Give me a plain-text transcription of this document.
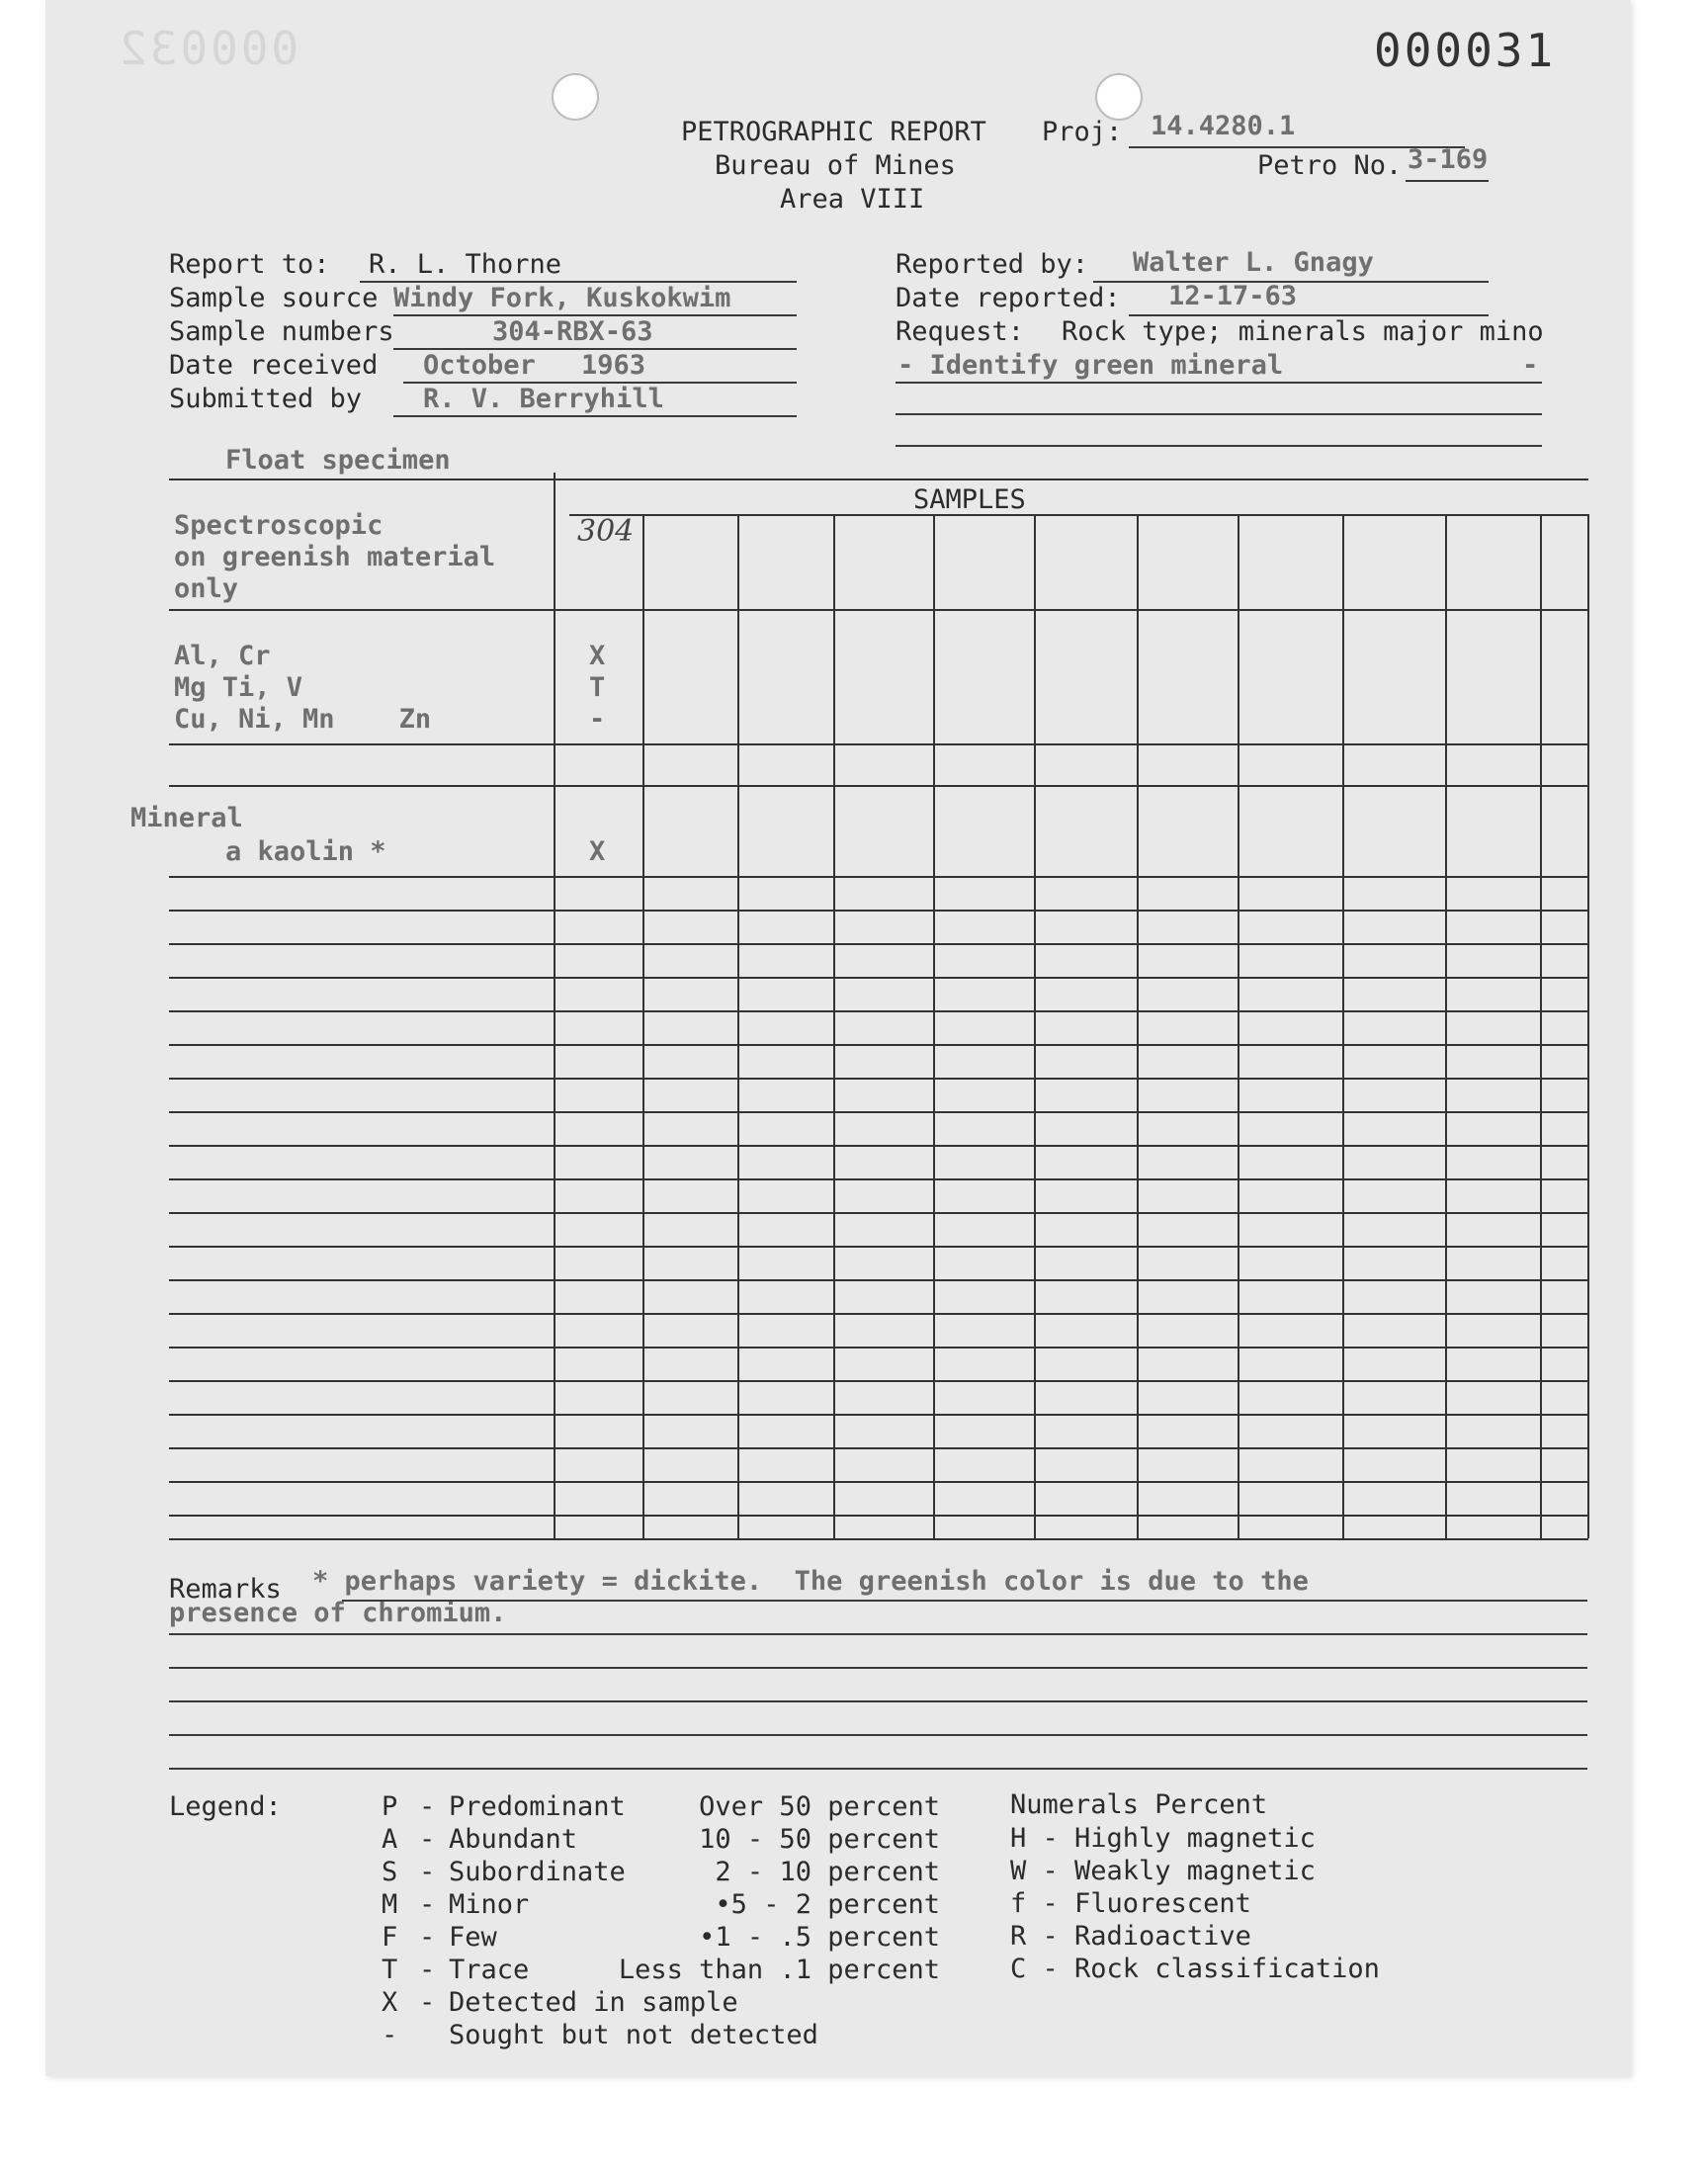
000032	000031
PETROGRAPHIC REPORT
Bureau of Mines
Area VIII
Proj: 14.4280.1
Petro No. 3-169
Report to: R. L. Thorne
Sample source Windy Fork, Kuskokwim
Sample numbers	304-RBX-63
Date received October 1963
Submitted by R. V. Berryhill
Reported by: Walter L. Gnagy
Date reported: 12-17-63
Request: Rock type; minerals major mino
- Identify green mineral	-
Float specimen
SAMPLES
304
Spectroscopic
on greenish material
only
Al, Cr	X
Mg Ti, V	T
Cu, Ni, Mn    Zn	-
Mineral
a kaolin *	X
Remarks * perhaps variety = dickite.  The greenish color is due to the
presence of chromium.
Legend:	P - Predominant	Over 50 percent
A - Abundant	10 - 50 percent
S - Subordinate	2 - 10 percent
M - Minor	•5 - 2 percent
F - Few	•1 - .5 percent
T - Trace	Less than .1 percent
X - Detected in sample
- Sought but not detected
Numerals Percent
H - Highly magnetic
W - Weakly magnetic
f - Fluorescent
R - Radioactive
C - Rock classification
